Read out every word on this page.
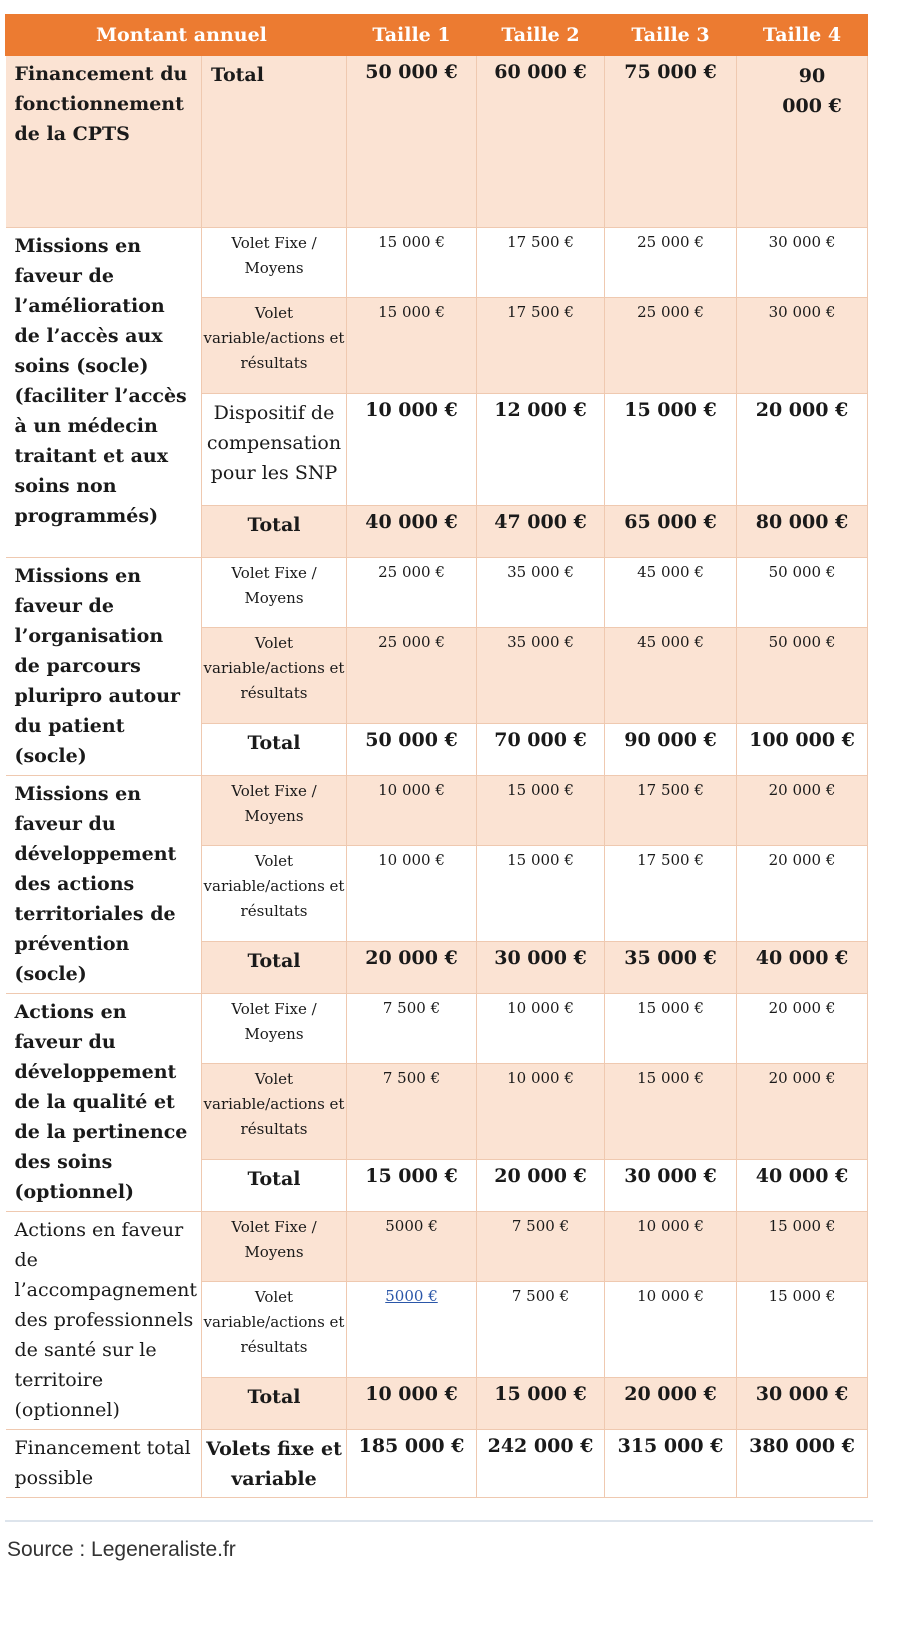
Montant annuel		Taille 1	Taille 2	Taille 3	Taille 4
Financement du fonctionnement de la CPTS	Total	50 000 €	60 000 €	75 000 €	90 000 €
Missions en faveur de l’amélioration de l’accès aux soins (socle) (faciliter l’accès à un médecin traitant et aux soins non programmés)	Volet Fixe / Moyens	15 000 €	17 500 €	25 000 €	30 000 €
	Volet variable/actions et résultats	15 000 €	17 500 €	25 000 €	30 000 €
	Dispositif de compensation pour les SNP	10 000 €	12 000 €	15 000 €	20 000 €
	Total	40 000 €	47 000 €	65 000 €	80 000 €
Missions en faveur de l’organisation de parcours pluripro autour du patient (socle)	Volet Fixe / Moyens	25 000 €	35 000 €	45 000 €	50 000 €
	Volet variable/actions et résultats	25 000 €	35 000 €	45 000 €	50 000 €
	Total	50 000 €	70 000 €	90 000 €	100 000 €
Missions en faveur du développement des actions territoriales de prévention (socle)	Volet Fixe / Moyens	10 000 €	15 000 €	17 500 €	20 000 €
	Volet variable/actions et résultats	10 000 €	15 000 €	17 500 €	20 000 €
	Total	20 000 €	30 000 €	35 000 €	40 000 €
Actions en faveur du développement de la qualité et de la pertinence des soins (optionnel)	Volet Fixe / Moyens	7 500 €	10 000 €	15 000 €	20 000 €
	Volet variable/actions et résultats	7 500 €	10 000 €	15 000 €	20 000 €
	Total	15 000 €	20 000 €	30 000 €	40 000 €
Actions en faveur de l’accompagnement des professionnels de santé sur le territoire (optionnel)	Volet Fixe / Moyens	5000 €	7 500 €	10 000 €	15 000 €
	Volet variable/actions et résultats	5000 €	7 500 €	10 000 €	15 000 €
	Total	10 000 €	15 000 €	20 000 €	30 000 €
Financement total possible	Volets fixe et variable	185 000 €	242 000 €	315 000 €	380 000 €
Source : Legeneraliste.fr
